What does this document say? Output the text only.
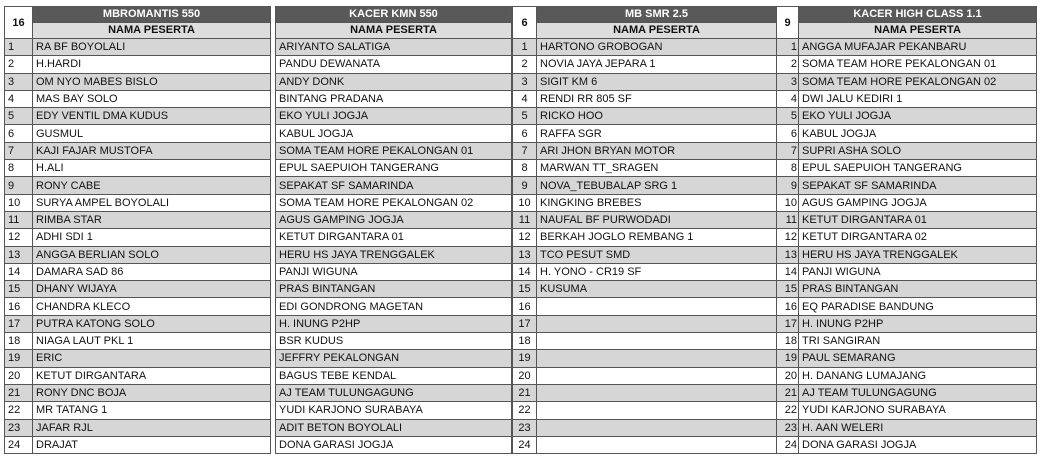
16	MBROMANTIS 550
	NAMA PESERTA
1	RA BF BOYOLALI
2	H.HARDI
3	OM NYO MABES BISLO
4	MAS BAY SOLO
5	EDY VENTIL DMA KUDUS
6	GUSMUL
7	KAJI FAJAR MUSTOFA
8	H.ALI
9	RONY CABE
10	SURYA AMPEL BOYOLALI
11	RIMBA STAR
12	ADHI SDI 1
13	ANGGA BERLIAN SOLO
14	DAMARA SAD 86
15	DHANY WIJAYA
16	CHANDRA KLECO
17	PUTRA KATONG SOLO
18	NIAGA LAUT PKL 1
19	ERIC
20	KETUT DIRGANTARA
21	RONY DNC BOJA
22	MR TATANG 1
23	JAFAR RJL
24	DRAJAT
KACER KMN 550
NAMA PESERTA
ARIYANTO SALATIGA
PANDU DEWANATA
ANDY DONK
BINTANG PRADANA
EKO YULI JOGJA
KABUL JOGJA
SOMA TEAM HORE PEKALONGAN 01
EPUL SAEPUIOH TANGERANG
SEPAKAT SF SAMARINDA
SOMA TEAM HORE PEKALONGAN 02
AGUS GAMPING JOGJA
KETUT DIRGANTARA 01
HERU HS JAYA TRENGGALEK
PANJI WIGUNA
PRAS BINTANGAN
EDI GONDRONG MAGETAN
H. INUNG P2HP
BSR KUDUS
JEFFRY PEKALONGAN
BAGUS TEBE KENDAL
AJ TEAM TULUNGAGUNG
YUDI KARJONO SURABAYA
ADIT BETON BOYOLALI
DONA GARASI JOGJA
6	MB SMR 2.5
	NAMA PESERTA
1	HARTONO GROBOGAN
2	NOVIA JAYA JEPARA 1
3	SIGIT KM 6
4	RENDI RR 805 SF
5	RICKO HOO
6	RAFFA SGR
7	ARI JHON BRYAN MOTOR
8	MARWAN TT_SRAGEN
9	NOVA_TEBUBALAP SRG 1
10	KINGKING BREBES
11	NAUFAL BF PURWODADI
12	BERKAH JOGLO REMBANG 1
13	TCO PESUT SMD
14	H. YONO - CR19 SF
15	KUSUMA
16	
17	
18	
19	
20	
21	
22	
23	
24	
9	KACER HIGH CLASS 1.1
	NAMA PESERTA
1	ANGGA MUFAJAR PEKANBARU
2	SOMA TEAM HORE PEKALONGAN 01
3	SOMA TEAM HORE PEKALONGAN 02
4	DWI JALU KEDIRI 1
5	EKO YULI JOGJA
6	KABUL JOGJA
7	SUPRI ASHA SOLO
8	EPUL SAEPUIOH TANGERANG
9	SEPAKAT SF SAMARINDA
10	AGUS GAMPING JOGJA
11	KETUT DIRGANTARA 01
12	KETUT DIRGANTARA 02
13	HERU HS JAYA TRENGGALEK
14	PANJI WIGUNA
15	PRAS BINTANGAN
16	EQ PARADISE BANDUNG
17	H. INUNG P2HP
18	TRI SANGIRAN
19	PAUL SEMARANG
20	H. DANANG LUMAJANG
21	AJ TEAM TULUNGAGUNG
22	YUDI KARJONO SURABAYA
23	H. AAN WELERI
24	DONA GARASI JOGJA
